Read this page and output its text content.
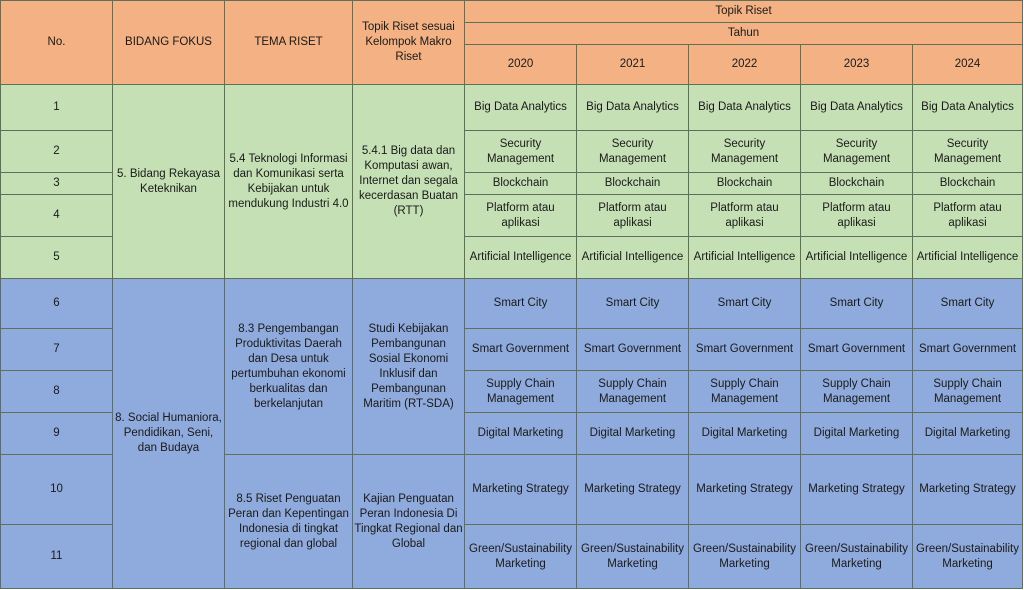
No.	BIDANG FOKUS	TEMA RISET	Topik Riset sesuai Kelompok Makro Riset	Topik Riset				
				Tahun				
				2020	2021	2022	2023	2024
1	5. Bidang Rekayasa Keteknikan	5.4 Teknologi Informasi dan Komunikasi serta Kebijakan untuk mendukung Industri 4.0	5.4.1 Big data dan Komputasi awan, Internet dan segala kecerdasan Buatan (RTT)	Big Data Analytics	Big Data Analytics	Big Data Analytics	Big Data Analytics	Big Data Analytics
2				Security Management	Security Management	Security Management	Security Management	Security Management
3				Blockchain	Blockchain	Blockchain	Blockchain	Blockchain
4				Platform atau aplikasi	Platform atau aplikasi	Platform atau aplikasi	Platform atau aplikasi	Platform atau aplikasi
5				Artificial Intelligence	Artificial Intelligence	Artificial Intelligence	Artificial Intelligence	Artificial Intelligence
6	8. Social Humaniora, Pendidikan, Seni, dan Budaya	8.3 Pengembangan Produktivitas Daerah dan Desa untuk pertumbuhan ekonomi berkualitas dan berkelanjutan	Studi Kebijakan Pembangunan Sosial Ekonomi Inklusif dan Pembangunan Maritim (RT-SDA)	Smart City	Smart City	Smart City	Smart City	Smart City
7				Smart Government	Smart Government	Smart Government	Smart Government	Smart Government
8				Supply Chain Management	Supply Chain Management	Supply Chain Management	Supply Chain Management	Supply Chain Management
9				Digital Marketing	Digital Marketing	Digital Marketing	Digital Marketing	Digital Marketing
10		8.5 Riset Penguatan Peran dan Kepentingan Indonesia di tingkat regional dan global	Kajian Penguatan Peran Indonesia Di Tingkat Regional dan Global	Marketing Strategy	Marketing Strategy	Marketing Strategy	Marketing Strategy	Marketing Strategy
11				Green/Sustainability Marketing	Green/Sustainability Marketing	Green/Sustainability Marketing	Green/Sustainability Marketing	Green/Sustainability Marketing
